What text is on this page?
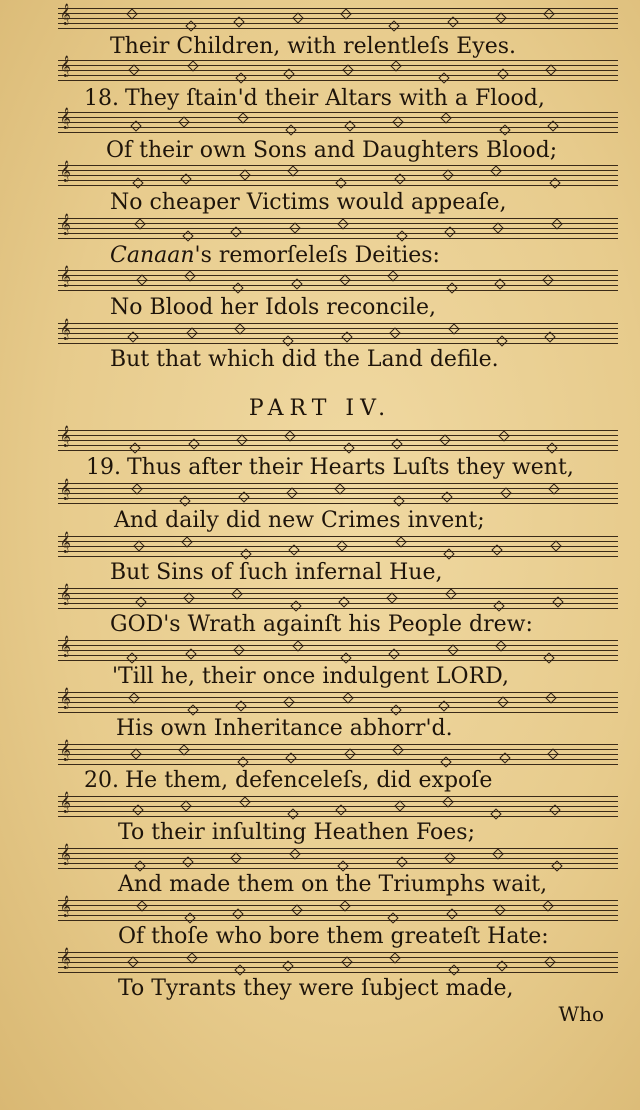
𝄞
𝄞
𝄞
𝄞
𝄞
𝄞
𝄞
𝄞
𝄞
𝄞
𝄞
𝄞
𝄞
𝄞
𝄞
𝄞
𝄞
𝄞
Their Children, with relentleſs Eyes.
18. They ſtain'd their Altars with a Flood,
Of their own Sons and Daughters Blood;
No cheaper Victims would appeaſe,
Canaan's remorſeleſs Deities:
No Blood her Idols reconcile,
But that which did the Land defile.
PART IV.
19. Thus after their Hearts Luſts they went,
And daily did new Crimes invent;
But Sins of ſuch infernal Hue,
GOD's Wrath againſt his People drew:
'Till he, their once indulgent LORD,
His own Inheritance abhorr'd.
20. He them, defenceleſs, did expoſe
To their inſulting Heathen Foes;
And made them on the Triumphs wait,
Of thoſe who bore them greateſt Hate:
To Tyrants they were ſubject made,
Who
